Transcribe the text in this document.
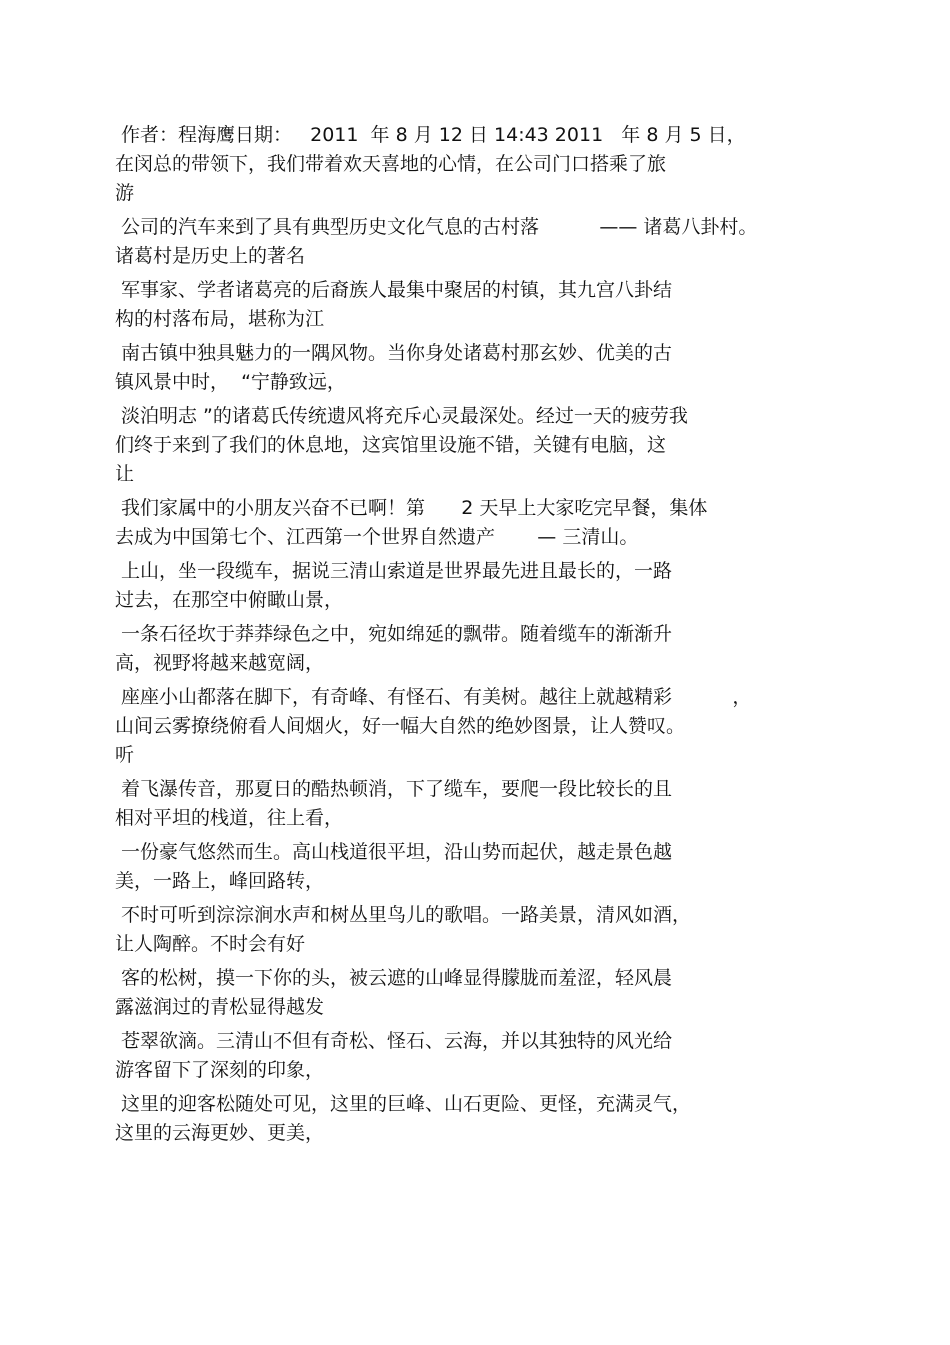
作者：程海鹰日期：   2011  年 8 月 12 日 14:43 2011   年 8 月 5 日，
在闵总的带领下，我们带着欢天喜地的心情，在公司门口搭乘了旅
游
公司的汽车来到了具有典型历史文化气息的古村落          —— 诸葛八卦村。
诸葛村是历史上的著名
军事家、学者诸葛亮的后裔族人最集中聚居的村镇，其九宫八卦结
构的村落布局，堪称为江
南古镇中独具魅力的一隅风物。当你身处诸葛村那玄妙、优美的古
镇风景中时，  “宁静致远，
淡泊明志 ”的诸葛氏传统遗风将充斥心灵最深处。经过一天的疲劳我
们终于来到了我们的休息地，这宾馆里设施不错，关键有电脑，这
让
我们家属中的小朋友兴奋不已啊！第      2 天早上大家吃完早餐，集体
去成为中国第七个、江西第一个世界自然遗产       — 三清山。
上山，坐一段缆车，据说三清山索道是世界最先进且最长的，一路
过去，在那空中俯瞰山景，
一条石径坎于莽莽绿色之中，宛如绵延的飘带。随着缆车的渐渐升
高，视野将越来越宽阔，
座座小山都落在脚下，有奇峰、有怪石、有美树。越往上就越精彩          ，
山间云雾撩绕俯看人间烟火，好一幅大自然的绝妙图景，让人赞叹。
听
着飞瀑传音，那夏日的酷热顿消，下了缆车，要爬一段比较长的且
相对平坦的栈道，往上看，
一份豪气悠然而生。高山栈道很平坦，沿山势而起伏，越走景色越
美，一路上，峰回路转，
不时可听到淙淙涧水声和树丛里鸟儿的歌唱。一路美景，清风如酒，
让人陶醉。不时会有好
客的松树，摸一下你的头，被云遮的山峰显得朦胧而羞涩，轻风晨
露滋润过的青松显得越发
苍翠欲滴。三清山不但有奇松、怪石、云海，并以其独特的风光给
游客留下了深刻的印象，
这里的迎客松随处可见，这里的巨峰、山石更险、更怪，充满灵气，
这里的云海更妙、更美，
